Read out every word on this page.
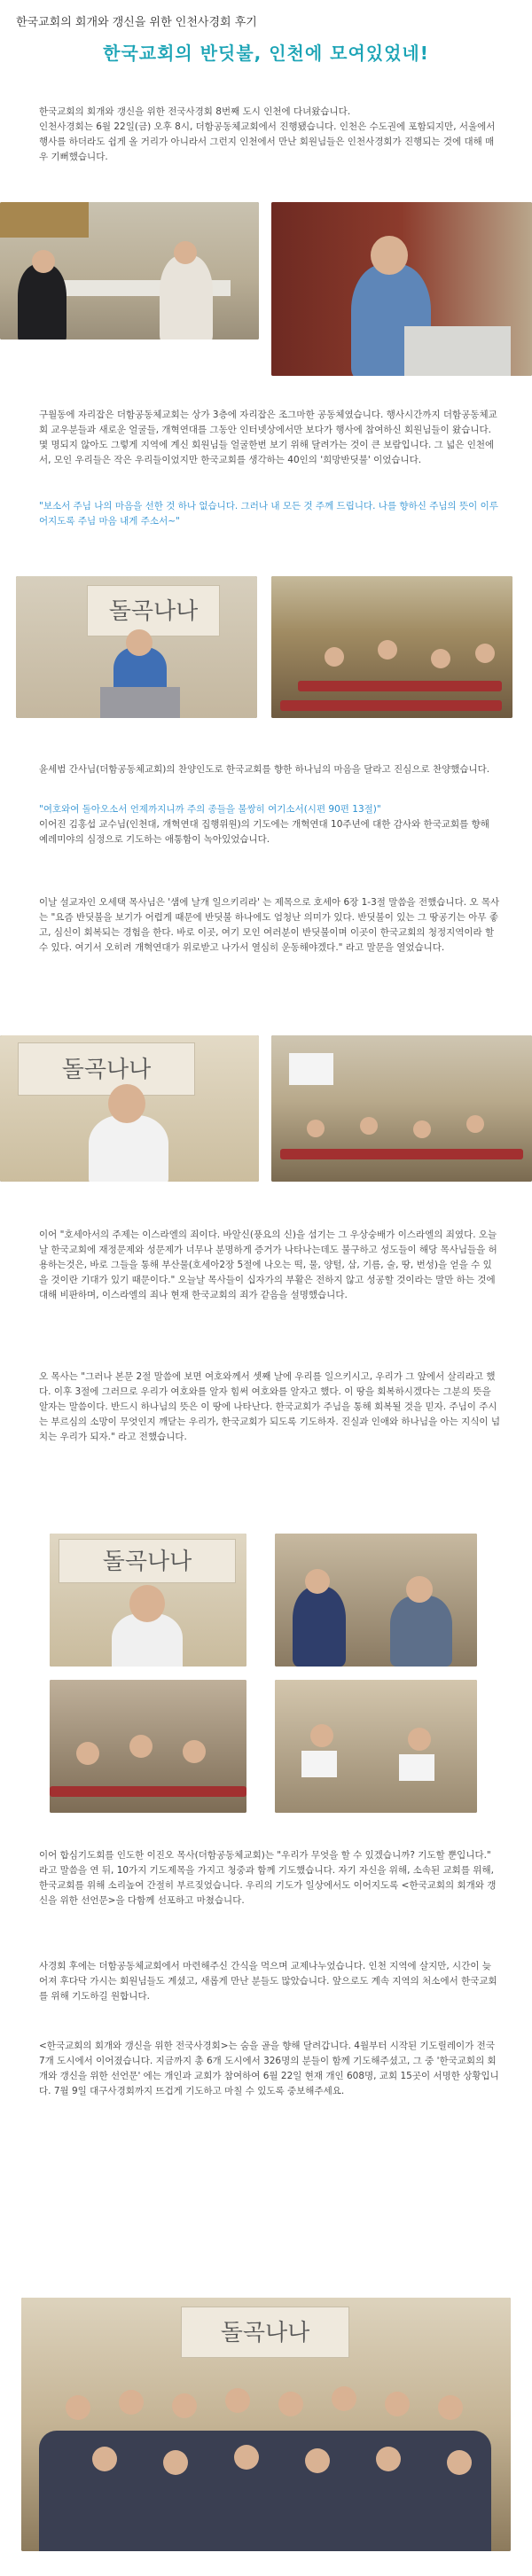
한국교회의 회개와 갱신을 위한 인천사경회 후기
한국교회의 반딧불, 인천에 모여있었네!

한국교회의 회개와 갱신을 위한 전국사경회 8번째 도시 인천에 다녀왔습니다.

인천사경회는 6월 22일(금) 오후 8시, 더함공동체교회에서 진행됐습니다. 인천은 수도권에 포함되지만, 서울에서 행사를 하더라도 쉽게 올 거리가 아니라서 그런지 인천에서 만난 회원님들은 인천사경회가 진행되는 것에 대해 매우 기뻐했습니다.

구월동에 자리잡은 더함공동체교회는 상가 3층에 자리잡은 조그마한 공동체였습니다. 행사시간까지 더함공동체교회 교우분들과 새로운 얼굴들, 개혁연대를 그동안 인터넷상에서만 보다가 행사에 참여하신 회원님들이 왔습니다. 몇 명되지 않아도 그렇게 지역에 계신 회원님들 얼굴한번 보기 위해 달려가는 것이 큰 보람입니다. 그 넓은 인천에서, 모인 우리들은 작은 우리들이었지만 한국교회를 생각하는 40인의 '희망반딧불' 이었습니다.

"보소서 주님 나의 마음을 선한 것 하나 없습니다. 그러나 내 모든 것 주께 드립니다. 나를 향하신 주님의 뜻이 이루어지도록 주님 마음 내게 주소서~"

돌곡나나

윤세범 간사님(더함공동체교회)의 찬양인도로 한국교회를 향한 하나님의 마음을 달라고 진심으로 찬양했습니다.

"여호와여 돌아오소서 언제까지니까 주의 종들을 불쌍히 여기소서(시편 90편 13절)"

이어진 김홍섭 교수님(인천대, 개혁연대 집행위원)의 기도에는 개혁연대 10주년에 대한 감사와 한국교회를 향해 예레미야의 심정으로 기도하는 애통함이 녹아있었습니다.

이날 설교자인 오세택 목사님은 '샘에 날개 일으키리라' 는 제목으로 호세아 6장 1-3절 말씀을 전했습니다. 오 목사는 "요즘 반딧불을 보기가 어렵게 때문에 반딧불 하나에도 엄청난 의미가 있다. 반딧불이 있는 그 땅공기는 아무 좋고, 심신이 회복되는 경험을 한다. 바로 이곳, 여기 모인 여러분이 반딧불이며 이곳이 한국교회의 청정지역이라 할 수 있다. 여기서 오히려 개혁연대가 위로받고 나가서 열심히 운동해야겠다." 라고 말문을 열었습니다.

돌곡나나

이어 "호세아서의 주제는 이스라엘의 죄이다. 바알신(풍요의 신)을 섬기는 그 우상숭배가 이스라엘의 죄였다. 오늘날 한국교회에 재정문제와 성문제가 너무나 분명하게 증거가 나타나는데도 불구하고 성도들이 해당 목사님들을 허용하는것은, 바로 그들을 통해 부산물(호세아2장 5절에 나오는 떡, 물, 양털, 삼, 기름, 술, 땅, 번성)을 얻을 수 있을 것이란 기대가 있기 때문이다." 오늘날 목사들이 십자가의 부활은 전하지 않고 성공할 것이라는 말만 하는 것에 대해 비판하며, 이스라엘의 죄나 현재 한국교회의 죄가 같음을 설명했습니다.

오 목사는 "그러나 본문 2절 말씀에 보면 여호와께서 셋째 날에 우리를 일으키시고, 우리가 그 앞에서 살리라고 했다. 이후 3절에 그러므로 우리가 여호와를 알자 힘써 여호와를 알자고 했다. 이 땅을 회복하시겠다는 그분의 뜻을 알자는 말씀이다. 반드시 하나님의 뜻은 이 땅에 나타난다. 한국교회가 주님을 통해 회복될 것을 믿자. 주님이 주시는 부르심의 소망이 무엇인지 깨닫는 우리가, 한국교회가 되도록 기도하자. 진실과 인애와 하나님을 아는 지식이 넘치는 우리가 되자." 라고 전했습니다.

돌곡나나

이어 합심기도회를 인도한 이진오 목사(더함공동체교회)는 "우리가 무엇을 할 수 있겠습니까? 기도할 뿐입니다." 라고 말씀을 연 뒤, 10가지 기도제목을 가지고 청중과 함께 기도했습니다. 자기 자신을 위해, 소속된 교회를 위해, 한국교회를 위해 소리높여 간절히 부르짖었습니다. 우리의 기도가 일상에서도 이어지도록 <한국교회의 회개와 갱신을 위한 선언문>을 다함께 선포하고 마쳤습니다.

사경회 후에는 더함공동체교회에서 마련해주신 간식을 먹으며 교제나누었습니다. 인천 지역에 살지만, 시간이 늦어져 후다닥 가시는 회원님들도 계셨고, 새롭게 만난 분들도 많았습니다. 앞으로도 계속 지역의 처소에서 한국교회를 위해 기도하길 원합니다.

<한국교회의 회개와 갱신을 위한 전국사경회>는 숨을 골을 향해 달려갑니다. 4월부터 시작된 기도릴레이가 전국 7개 도시에서 이어졌습니다. 지금까지 총 6개 도시에서 326명의 분들이 함께 기도해주셨고, 그 중 '한국교회의 회개와 갱신을 위한 선언문' 에는 개인과 교회가 참여하여 6월 22일 현재 개인 608명, 교회 15곳이 서명한 상황입니다. 7월 9일 대구사경회까지 뜨겁게 기도하고 마칠 수 있도록 중보해주세요.

돌곡나나
